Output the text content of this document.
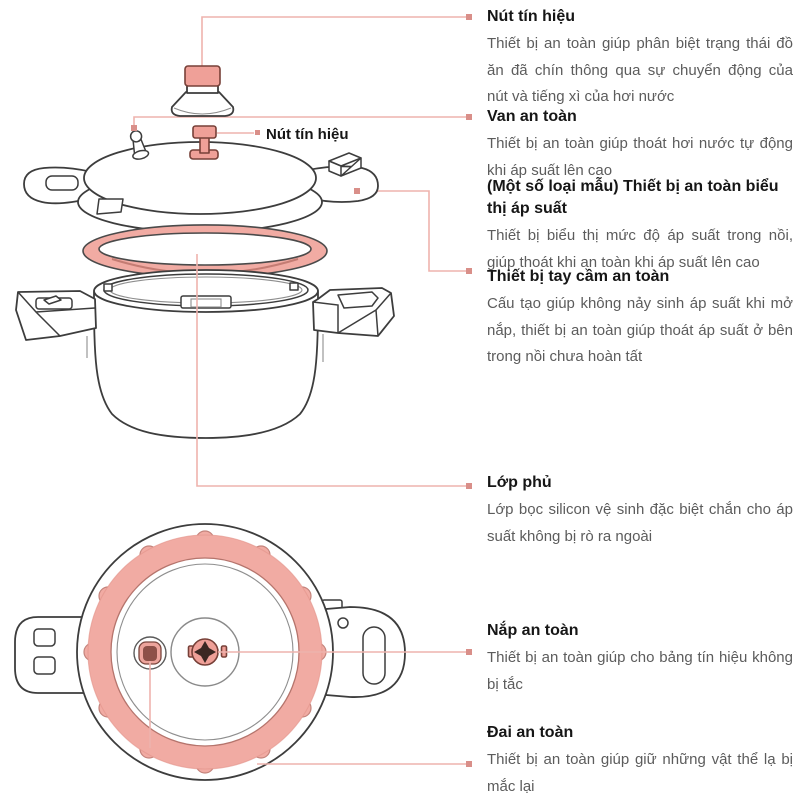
Nút tín hiệu
Nút tín hiệu

Thiết bị an toàn giúp phân biệt trạng thái đồ ăn đã chín thông qua sự chuyển động của nút và tiếng xì của hơi nước

Van an toàn

Thiết bị an toàn giúp thoát hơi nước tự động khi áp suất lên cao

(Một số loại mẫu) Thiết bị an toàn biểu thị áp suất

Thiết bị biểu thị mức độ áp suất trong nồi, giúp thoát khi an toàn khi áp suất lên cao

Thiết bị tay cầm an toàn

Cấu tạo giúp không nảy sinh áp suất khi mở nắp, thiết bị an toàn giúp thoát áp suất ở bên trong nồi chưa hoàn tất

Lớp phủ

Lớp bọc silicon vệ sinh đặc biệt chắn cho áp suất không bị rò ra ngoài

Nắp an toàn

Thiết bị an toàn giúp cho bảng tín hiệu không bị tắc

Đai an toàn

Thiết bị an toàn giúp giữ những vật thể lạ bị mắc lại
